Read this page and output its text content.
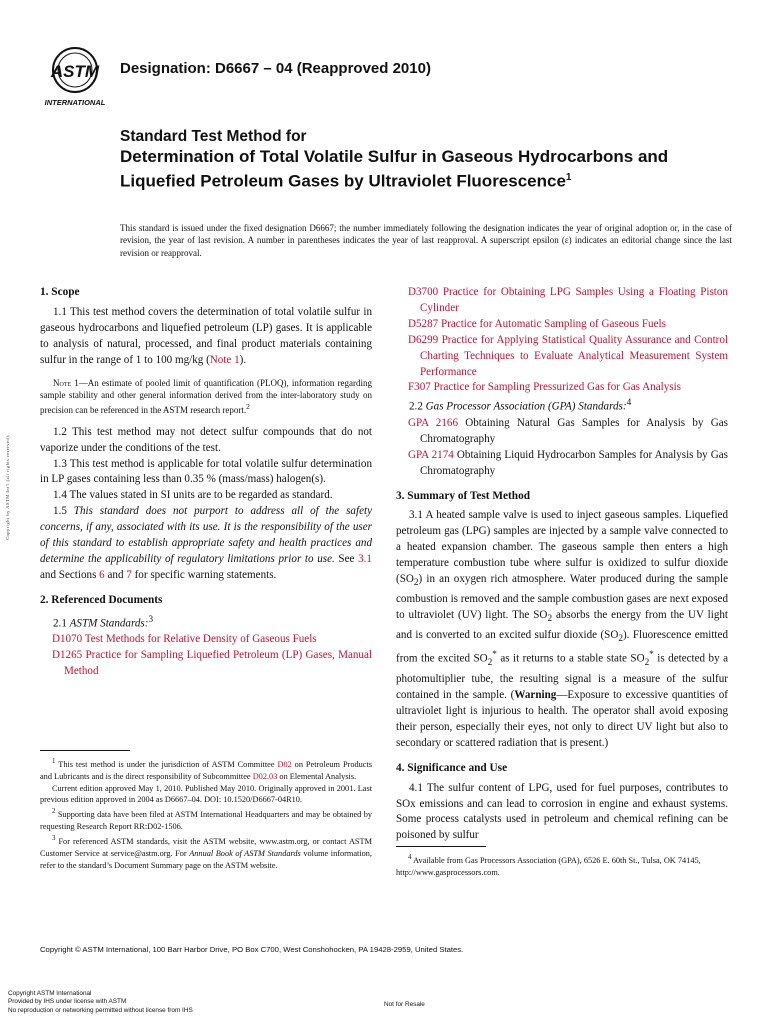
ASTM
INTERNATIONAL
Designation: D6667 – 04 (Reapproved 2010)
Standard Test Method for
Determination of Total Volatile Sulfur in Gaseous Hydrocarbons and Liquefied Petroleum Gases by Ultraviolet Fluorescence$^1$
This standard is issued under the fixed designation D6667; the number immediately following the designation indicates the year of original adoption or, in the case of revision, the year of last revision. A number in parentheses indicates the year of last reapproval. A superscript epsilon (ε) indicates an editorial change since the last revision or reapproval.
Copyright by ASTM Int'l (all rights reserved);
1. Scope

1.1 This test method covers the determination of total volatile sulfur in gaseous hydrocarbons and liquefied petroleum (LP) gases. It is applicable to analysis of natural, processed, and final product materials containing sulfur in the range of 1 to 100 mg/kg (Note 1).

Note 1—An estimate of pooled limit of quantification (PLOQ), information regarding sample stability and other general information derived from the inter-laboratory study on precision can be referenced in the ASTM research report.$^2$

1.2 This test method may not detect sulfur compounds that do not vaporize under the conditions of the test.

1.3 This test method is applicable for total volatile sulfur determination in LP gases containing less than 0.35 % (mass/mass) halogen(s).

1.4 The values stated in SI units are to be regarded as standard.

1.5 This standard does not purport to address all of the safety concerns, if any, associated with its use. It is the responsibility of the user of this standard to establish appropriate safety and health practices and determine the applicability of regulatory limitations prior to use. See 3.1 and Sections 6 and 7 for specific warning statements.

2. Referenced Documents

2.1 ASTM Standards:$^3$

D1070 Test Methods for Relative Density of Gaseous Fuels

D1265 Practice for Sampling Liquefied Petroleum (LP) Gases, Manual Method

D3700 Practice for Obtaining LPG Samples Using a Floating Piston Cylinder

D5287 Practice for Automatic Sampling of Gaseous Fuels

D6299 Practice for Applying Statistical Quality Assurance and Control Charting Techniques to Evaluate Analytical Measurement System Performance

F307 Practice for Sampling Pressurized Gas for Gas Analysis

2.2 Gas Processor Association (GPA) Standards:$^4$

GPA 2166 Obtaining Natural Gas Samples for Analysis by Gas Chromatography

GPA 2174 Obtaining Liquid Hydrocarbon Samples for Analysis by Gas Chromatography

3. Summary of Test Method

3.1 A heated sample valve is used to inject gaseous samples. Liquefied petroleum gas (LPG) samples are injected by a sample valve connected to a heated expansion chamber. The gaseous sample then enters a high temperature combustion tube where sulfur is oxidized to sulfur dioxide $(SO_2)$ in an oxygen rich atmosphere. Water produced during the sample combustion is removed and the sample combustion gases are next exposed to ultraviolet (UV) light. The $SO_2$ absorbs the energy from the UV light and is converted to an excited sulfur dioxide $(SO_2)$. Fluorescence emitted from the excited $SO_2^*$ as it returns to a stable state $SO_2^*$ is detected by a photomultiplier tube, the resulting signal is a measure of the sulfur contained in the sample. (Warning—Exposure to excessive quantities of ultraviolet light is injurious to health. The operator shall avoid exposing their person, especially their eyes, not only to direct UV light but also to secondary or scattered radiation that is present.)

4. Significance and Use

4.1 The sulfur content of LPG, used for fuel purposes, contributes to SOx emissions and can lead to corrosion in engine and exhaust systems. Some process catalysts used in petroleum and chemical refining can be poisoned by sulfur

$^1$ This test method is under the jurisdiction of ASTM Committee D02 on Petroleum Products and Lubricants and is the direct responsibility of Subcommittee D02.03 on Elemental Analysis.

Current edition approved May 1, 2010. Published May 2010. Originally approved in 2001. Last previous edition approved in 2004 as D6667–04. DOI: 10.1520/D6667-04R10.

$^2$ Supporting data have been filed at ASTM International Headquarters and may be obtained by requesting Research Report RR:D02-1506.

$^3$ For referenced ASTM standards, visit the ASTM website, www.astm.org, or contact ASTM Customer Service at service@astm.org. For Annual Book of ASTM Standards volume information, refer to the standard’s Document Summary page on the ASTM website.

$^4$ Available from Gas Processors Association (GPA), 6526 E. 60th St., Tulsa, OK 74145, http://www.gasprocessors.com.
Copyright © ASTM International, 100 Barr Harbor Drive, PO Box C700, West Conshohocken, PA 19428-2959, United States.
Copyright ASTM International
Provided by IHS under license with ASTM
No reproduction or networking permitted without license from IHS
Not for Resale
